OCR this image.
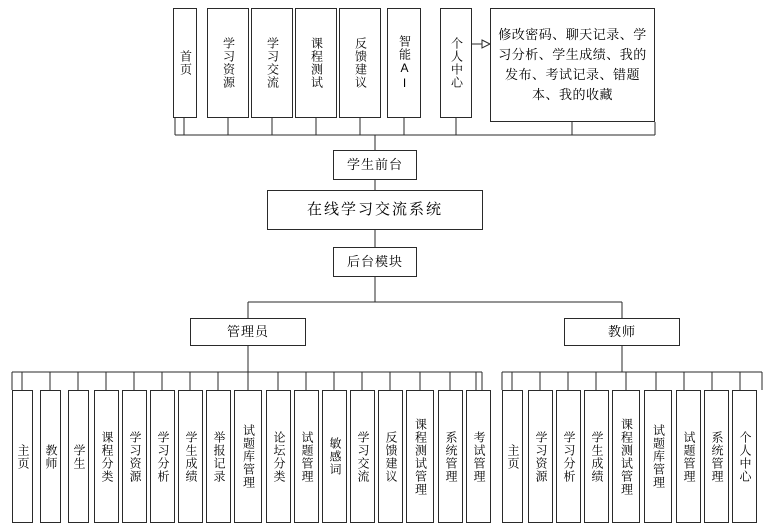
首页 学习资源	学习交流	课程测试	反馈建议	智能AI	个人中心
修改密码、聊天记录、学习分析、学生成绩、我的发布、考试记录、错题本、我的收藏
学生前台
在线学习交流系统
后台模块
管理员	教师
主页 教师 学生 课程分类 学习资源 学习分析 学生成绩 举报记录 试题库管理 论坛分类 试题管理 敏感词 学习交流 反馈建议 课程测试管理 系统管理 考试管理 主页 学习资源 学习分析 学生成绩 课程测试管理 试题库管理 试题管理 系统管理 个人中心
